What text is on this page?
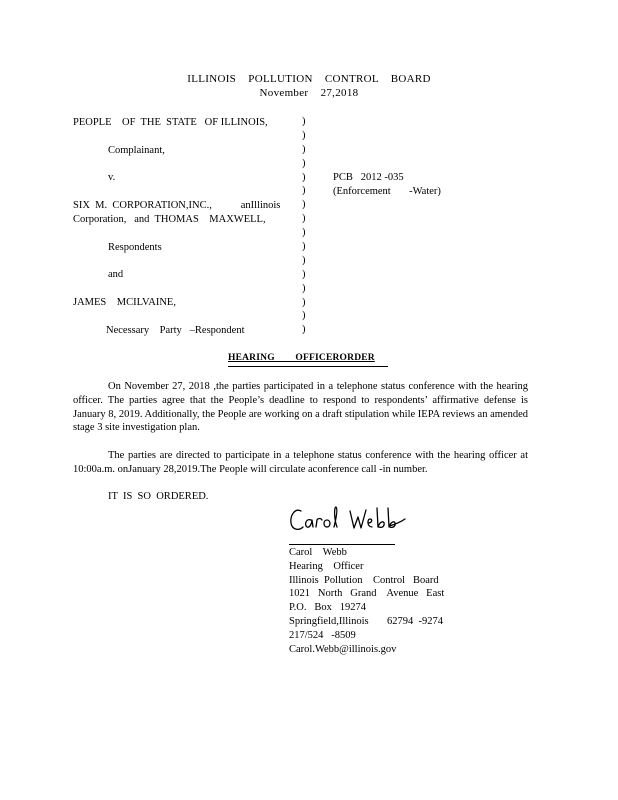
ILLINOIS    POLLUTION    CONTROL    BOARD
November    27,2018
PEOPLE    OF  THE  STATE   OF ILLINOIS,
Complainant,
v.
SIX  M.  CORPORATION,INC.,           anIllinois
Corporation,   and  THOMAS    MAXWELL,
Respondents
and
JAMES    MCILVAINE,
Necessary    Party   –Respondent
)
)
)
)
)
)
)
)
)
)
)
)
)
)
)
)
PCB   2012 -035
(Enforcement       -Water)
HEARING        OFFICERORDER
On November 27, 2018 ,the parties participated in a telephone status conference with the hearing officer. The parties agree that the People’s deadline to respond to respondents’ affirmative defense is January 8, 2019. Additionally, the People are working on a draft stipulation while IEPA reviews an amended stage 3 site investigation plan.
The parties are directed to participate in a telephone status conference with the hearing officer at 10:00a.m. onJanuary 28,2019.The People will circulate aconference call -in number.
IT  IS  SO  ORDERED.
Carol    Webb
Hearing    Officer
Illinois  Pollution    Control   Board
1021   North   Grand    Avenue   East
P.O.   Box   19274
Springfield,Illinois       62794  -9274
217/524   -8509
Carol.Webb@illinois.gov
